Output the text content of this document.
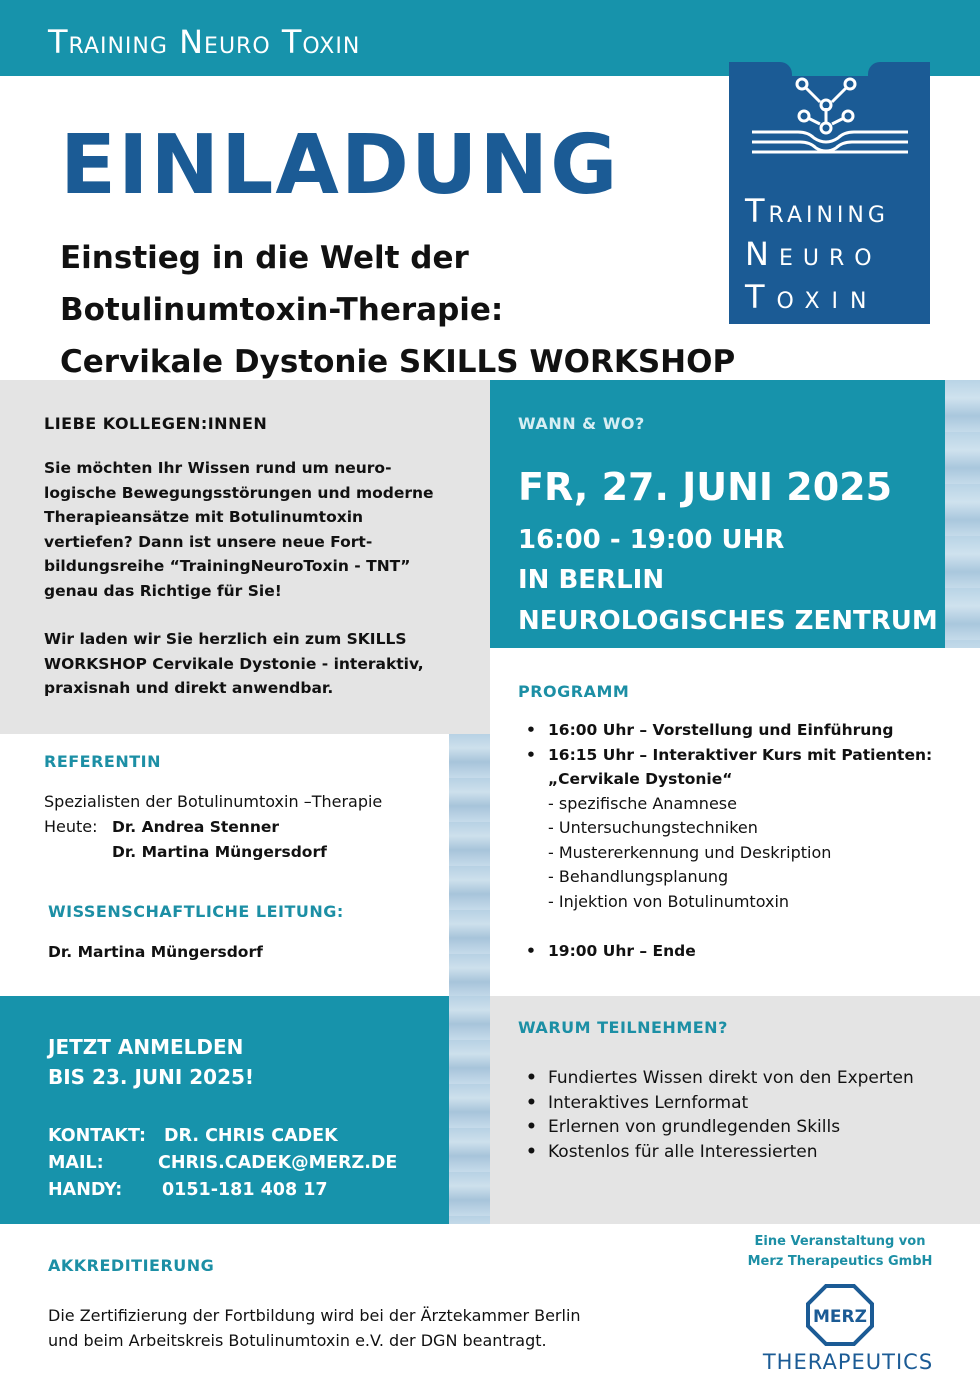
Training Neuro Toxin
Training
Neuro
Toxin
EINLADUNG
Einstieg in die Welt der
Botulinumtoxin-Therapie:
Cervikale Dystonie SKILLS WORKSHOP
LIEBE KOLLEGEN:INNEN

Sie möchten Ihr Wissen rund um neuro-
logische Bewegungsstörungen und moderne
Therapieansätze mit Botulinumtoxin
vertiefen? Dann ist unsere neue Fort-
bildungsreihe “TrainingNeuroToxin - TNT”
genau das Richtige für Sie!

Wir laden wir Sie herzlich ein zum SKILLS
WORKSHOP Cervikale Dystonie - interaktiv,
praxisnah und direkt anwendbar.

WANN & WO?
FR, 27. JUNI 2025
16:00 - 19:00 UHR
IN BERLIN
NEUROLOGISCHES ZENTRUM
REFERENTIN
Spezialisten der Botulinumtoxin –Therapie
Heute: Dr. Andrea Stenner
Dr. Martina Müngersdorf
WISSENSCHAFTLICHE LEITUNG:
Dr. Martina Müngersdorf
PROGRAMM
• 16:00 Uhr – Vorstellung und Einführung
• 16:15 Uhr – Interaktiver Kurs mit Patienten:
„Cervikale Dystonie“
- spezifische Anamnese
- Untersuchungstechniken
- Mustererkennung und Deskription
- Behandlungsplanung
- Injektion von Botulinumtoxin
• 19:00 Uhr – Ende
JETZT ANMELDEN
BIS 23. JUNI 2025!
KONTAKT: DR. CHRIS CADEK
MAIL:	CHRIS.CADEK@MERZ.DE
HANDY: 0151-181 408 17
WARUM TEILNEHMEN?
• Fundiertes Wissen direkt von den Experten
• Interaktives Lernformat
• Erlernen von grundlegenden Skills
• Kostenlos für alle Interessierten
AKKREDITIERUNG
Die Zertifizierung der Fortbildung wird bei der Ärztekammer Berlin
und beim Arbeitskreis Botulinumtoxin e.V. der DGN beantragt.
Eine Veranstaltung von
Merz Therapeutics GmbH
MERZ
THERAPEUTICS
